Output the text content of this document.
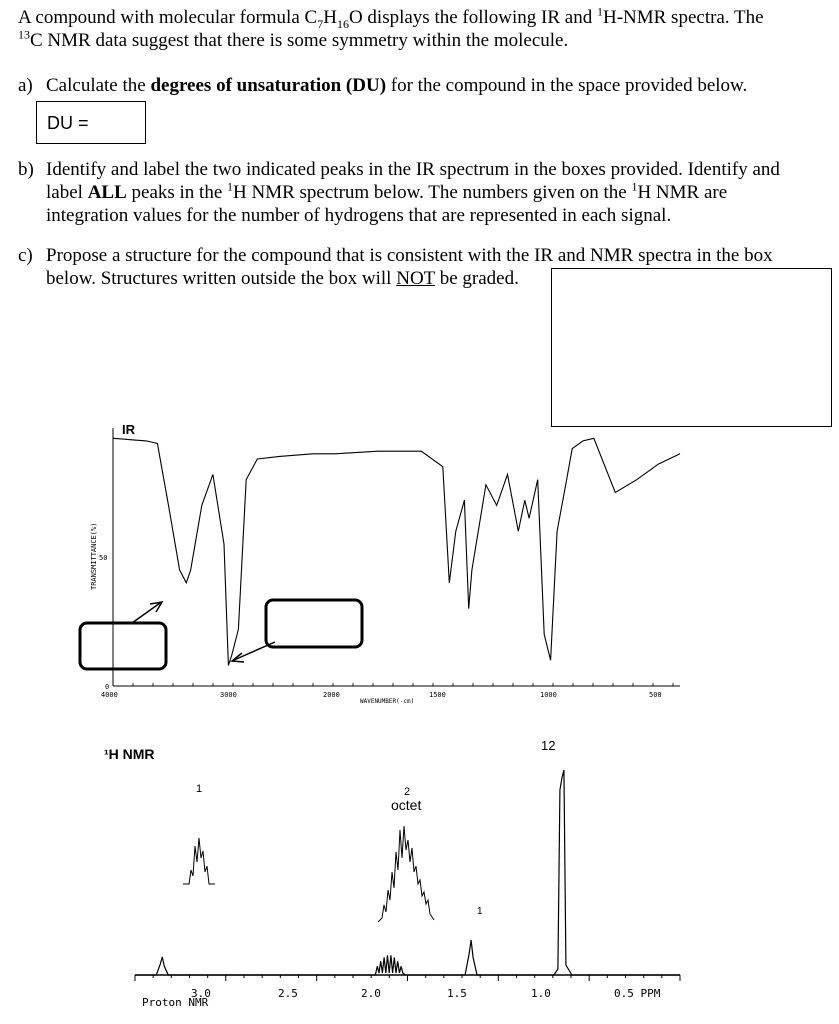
A compound with molecular formula $C_7H_{16}O$ displays the following IR and $^1$H-NMR spectra. The
$^{13}$C NMR data suggest that there is some symmetry within the molecule.
a) Calculate the degrees of unsaturation (DU) for the compound in the space provided below.
DU =
b) Identify and label the two indicated peaks in the IR spectrum in the boxes provided. Identify and
label ALL peaks in the $^1$H NMR spectrum below. The numbers given on the $^1$H NMR are
integration values for the number of hydrogens that are represented in each signal.
c) Propose a structure for the compound that is consistent with the IR and NMR spectra in the box
below. Structures written outside the box will NOT be graded.
IR
TRANSMITTANCE(%) 50
0
WAVENUMBER(-cm)
4000	3000	2000	1500	1000	500
¹H NMR
1	2
octet
1
12
3.0	2.5	2.0	1.5	1.0	0.5 PPM
Proton NMR
